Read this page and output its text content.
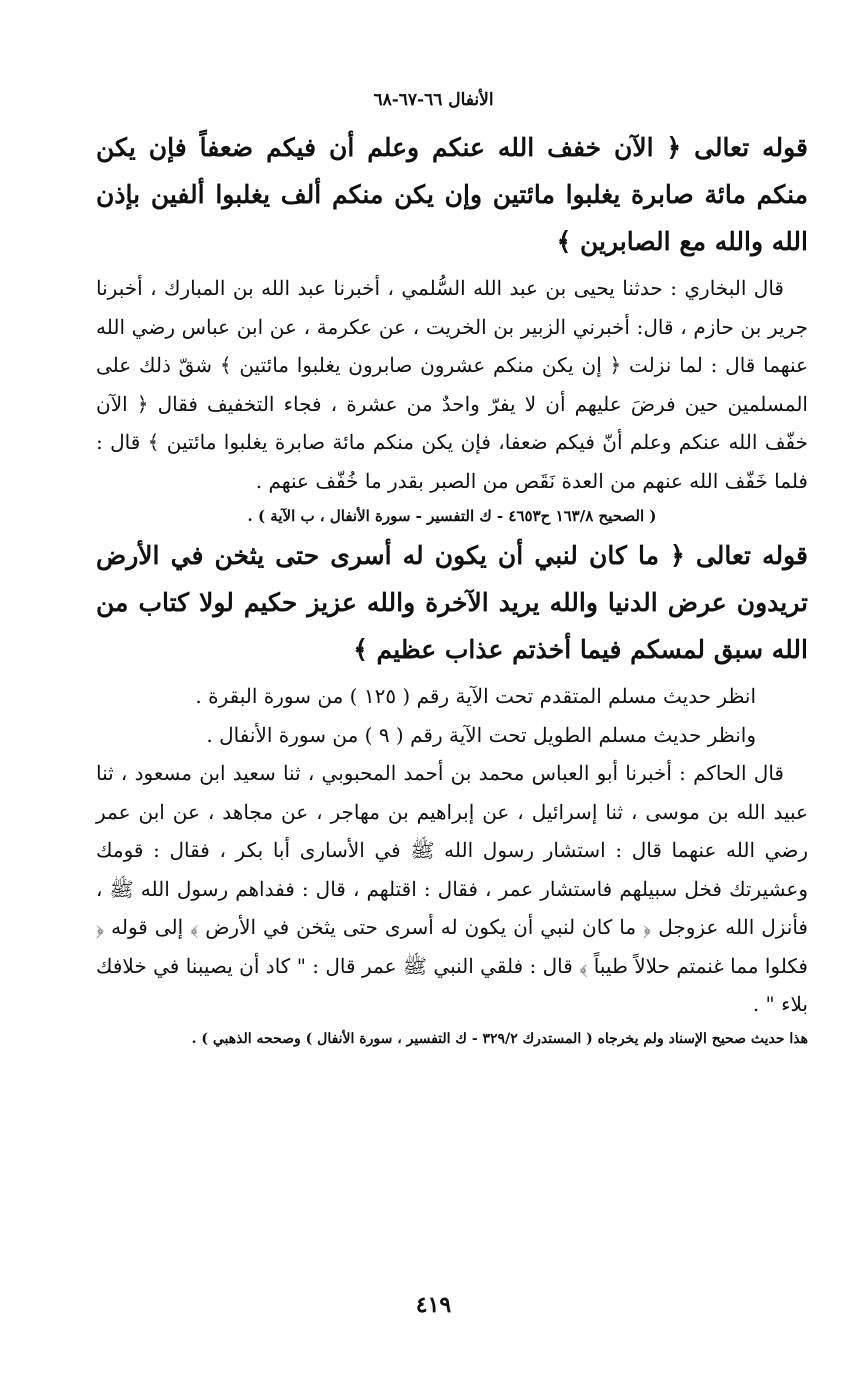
الأنفال ٦٦-٦٧-٦٨

قوله تعالى ﴿ الآن خفف الله عنكم وعلم أن فيكم ضعفاً فإن يكن منكم مائة صابرة يغلبوا مائتين وإن يكن منكم ألف يغلبوا ألفين بإذن الله والله مع الصابرين ﴾

قال البخاري : حدثنا يحيى بن عبد الله السُّلمي ، أخبرنا عبد الله بن المبارك ، أخبرنا جرير بن حازم ، قال: أخبرني الزبير بن الخريت ، عن عكرمة ، عن ابن عباس رضي الله عنهما قال : لما نزلت ﴿ إن يكن منكم عشرون صابرون يغلبوا مائتين ﴾ شقّ ذلك على المسلمين حين فرضَ عليهم أن لا يفرّ واحدٌ من عشرة ، فجاء التخفيف فقال ﴿ الآن خفّف الله عنكم وعلم أنّ فيكم ضعفا، فإن يكن منكم مائة صابرة يغلبوا مائتين ﴾ قال : فلما خَفّف الله عنهم من العدة نَقَص من الصبر بقدر ما خُفّف عنهم .

( الصحيح ١٦٣/٨ ح٤٦٥٣ - ك التفسير - سورة الأنفال ، ب الآية ) .

قوله تعالى ﴿ ما كان لنبي أن يكون له أسرى حتى يثخن في الأرض تريدون عرض الدنيا والله يريد الآخرة والله عزيز حكيم لولا كتاب من الله سبق لمسكم فيما أخذتم عذاب عظيم ﴾

انظر حديث مسلم المتقدم تحت الآية رقم ( ١٢٥ ) من سورة البقرة .

وانظر حديث مسلم الطويل تحت الآية رقم ( ٩ ) من سورة الأنفال .

قال الحاكم : أخبرنا أبو العباس محمد بن أحمد المحبوبي ، ثنا سعيد ابن مسعود ، ثنا عبيد الله بن موسى ، ثنا إسرائيل ، عن إبراهيم بن مهاجر ، عن مجاهد ، عن ابن عمر رضي الله عنهما قال : استشار رسول الله ﷺ في الأسارى أبا بكر ، فقال : قومك وعشيرتك فخل سبيلهم فاستشار عمر ، فقال : اقتلهم ، قال : ففداهم رسول الله ﷺ ، فأنزل الله عزوجل ﴿ ما كان لنبي أن يكون له أسرى حتى يثخن في الأرض ﴾ إلى قوله ﴿ فكلوا مما غنمتم حلالاً طيباً ﴾ قال : فلقي النبي ﷺ عمر قال : " كاد أن يصيبنا في خلافك بلاء " .

هذا حديث صحيح الإسناد ولم يخرجاه ( المستدرك ٣٢٩/٢ - ك التفسير ، سورة الأنفال ) وصححه الذهبي ) .

٤١٩
